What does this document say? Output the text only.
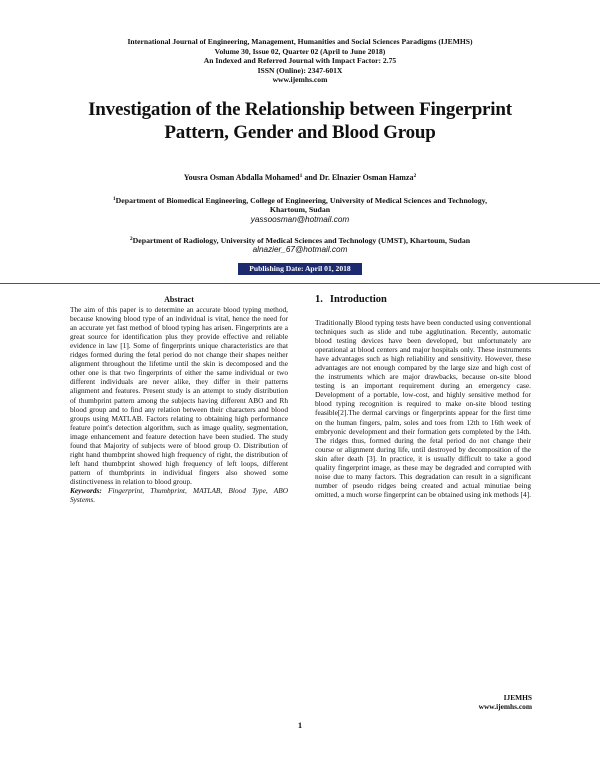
International Journal of Engineering, Management, Humanities and Social Sciences Paradigms (IJEMHS)
Volume 30, Issue 02, Quarter 02 (April to June 2018)
An Indexed and Referred Journal with Impact Factor: 2.75
ISSN (Online): 2347-601X
www.ijemhs.com
Investigation of the Relationship between Fingerprint
Pattern, Gender and Blood Group
Yousra Osman Abdalla Mohamed$^1$ and Dr. Elnazier Osman Hamza$^2$
$^1$Department of Biomedical Engineering, College of Engineering, University of Medical Sciences and Technology,
Khartoum, Sudan
yassoosman@hotmail.com
$^2$Department of Radiology, University of Medical Sciences and Technology (UMST), Khartoum, Sudan
alnazier_67@hotmail.com
Publishing Date: April 01, 2018
Abstract
The aim of this paper is to determine an accurate blood typing method, because knowing blood type of an individual is vital, hence the need for an accurate yet fast method of blood typing has arisen. Fingerprints are a great source for identification plus they provide effective and reliable evidence in law [1]. Some of fingerprints unique characteristics are that ridges formed during the fetal period do not change their shapes neither alignment throughout the lifetime until the skin is decomposed and the other one is that two fingerprints of either the same individual or two different individuals are never alike, they differ in their patterns alignment and features. Present study is an attempt to study distribution of thumbprint pattern among the subjects having different ABO and Rh blood group and to find any relation between their characters and blood groups using MATLAB. Factors relating to obtaining high performance feature point's detection algorithm, such as image quality, segmentation, image enhancement and feature detection have been studied. The study found that Majority of subjects were of blood group O. Distribution of right hand thumbprint showed high frequency of right, the distribution of left hand thumbprint showed high frequency of left loops, different pattern of thumbprints in individual fingers also showed some distinctiveness in relation to blood group.
Keywords: Fingerprint, Thumbprint, MATLAB, Blood Type, ABO Systems.
1. Introduction

Traditionally Blood typing tests have been conducted using conventional techniques such as slide and tube agglutination. Recently, automatic blood testing devices have been developed, but unfortunately are operational at blood centers and major hospitals only. These instruments have advantages such as high reliability and sensitivity. However, these advantages are not enough compared by the large size and high cost of the instruments which are major drawbacks, because on-site blood testing is an important requirement during an emergency case. Development of a portable, low-cost, and highly sensitive method for blood typing recognition is required to make on-site blood testing feasible[2].The dermal carvings or fingerprints appear for the first time on the human fingers, palm, soles and toes from 12th to 16th week of embryonic development and their formation gets completed by the 14th. The ridges thus, formed during the fetal period do not change their course or alignment during life, until destroyed by decomposition of the skin after death [3]. In practice, it is usually difficult to take a good quality fingerprint image, as these may be degraded and corrupted with noise due to many factors. This degradation can result in a significant number of pseudo ridges being created and actual minutiae being omitted, a much worse fingerprint can be obtained using ink methods [4].

IJEMHS
www.ijemhs.com
1
